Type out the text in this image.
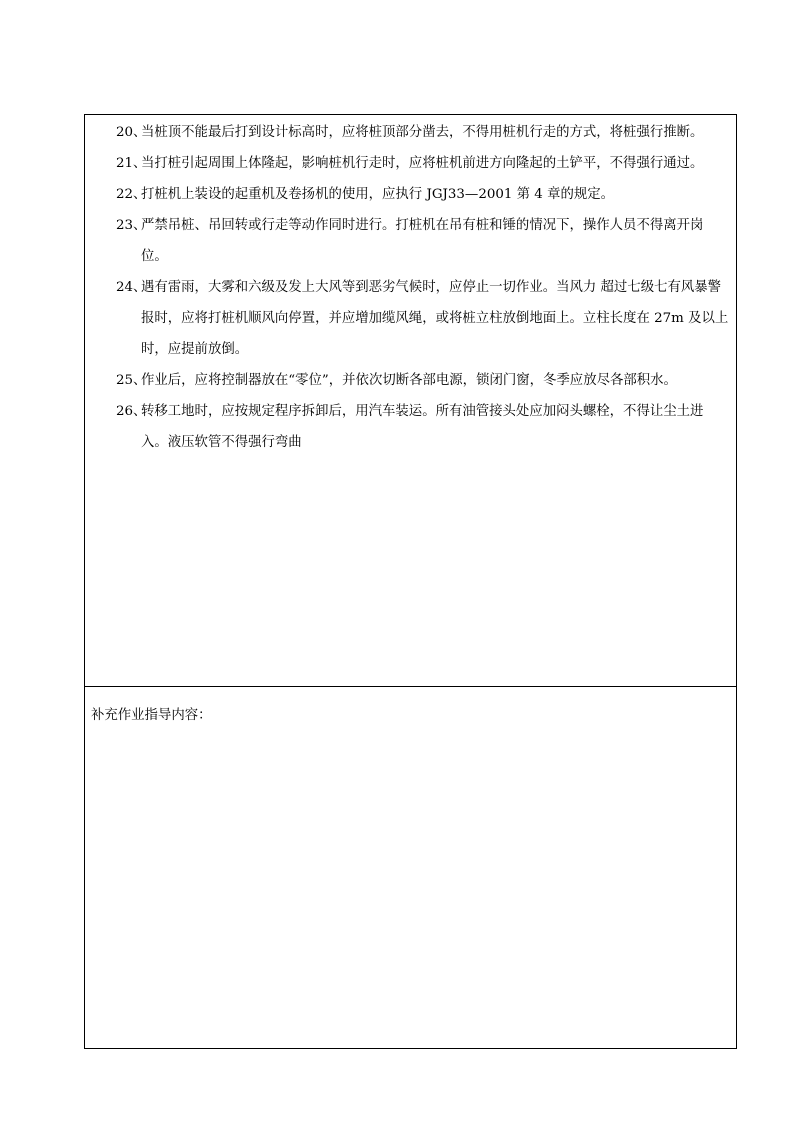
20、
当桩顶不能最后打到设计标高时，应将桩顶部分凿去，不得用桩机行走的方式，将桩强行推断。
21、
当打桩引起周围上体隆起，影响桩机行走时，应将桩机前进方向隆起的土铲平，不得强行通过。
22、
打桩机上装设的起重机及卷扬机的使用，应执行 JGJ33—2001 第 4 章的规定。
23、
严禁吊桩、吊回转或行走等动作同时进行。打桩机在吊有桩和锤的情况下，操作人员不得离开岗位。
24、
遇有雷雨，大雾和六级及发上大风等到恶劣气候时，应停止一切作业。当风力 超过七级七有风暴警报时，应将打桩机顺风向停置，并应增加缆风绳，或将桩立柱放倒地面上。立柱长度在 27m 及以上时，应提前放倒。
25、
作业后，应将控制器放在“零位”，并依次切断各部电源，锁闭门窗，冬季应放尽各部积水。
26、
转移工地时，应按规定程序拆卸后，用汽车装运。所有油管接头处应加闷头螺栓，不得让尘土进入。液压软管不得强行弯曲
补充作业指导内容：
